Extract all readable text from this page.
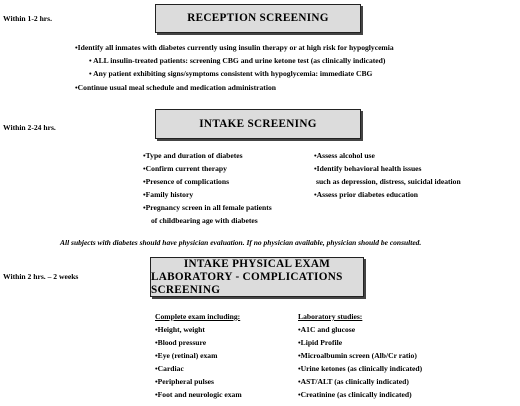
Within 1-2 hrs.	RECEPTION SCREENING
•Identify all inmates with diabetes currently using insulin therapy or at high risk for hypoglycemia
• ALL insulin-treated patients: screening CBG and urine ketone test (as clinically indicated)
• Any patient exhibiting signs/symptoms consistent with hypoglycemia: immediate CBG
•Continue usual meal schedule and medication administration
Within 2-24 hrs.	INTAKE SCREENING
•Type and duration of diabetes
•Confirm current therapy
•Presence of complications
•Family history
•Pregnancy screen in all female patients
of childbearing age with diabetes
•Assess alcohol use
•Identify behavioral health issues
such as depression, distress, suicidal ideation
•Assess prior diabetes education
All subjects with diabetes should have physician evaluation. If no physician available, physician should be consulted.
Within 2 hrs. – 2 weeks
INTAKE PHYSICAL EXAM
LABORATORY - COMPLICATIONS SCREENING
Complete exam including:
•Height, weight
•Blood pressure
•Eye (retinal) exam
•Cardiac
•Peripheral pulses
•Foot and neurologic exam
Laboratory studies:
•A1C and glucose
•Lipid Profile
•Microalbumin screen (Alb/Cr ratio)
•Urine ketones (as clinically indicated)
•AST/ALT (as clinically indicated)
•Creatinine (as clinically indicated)
